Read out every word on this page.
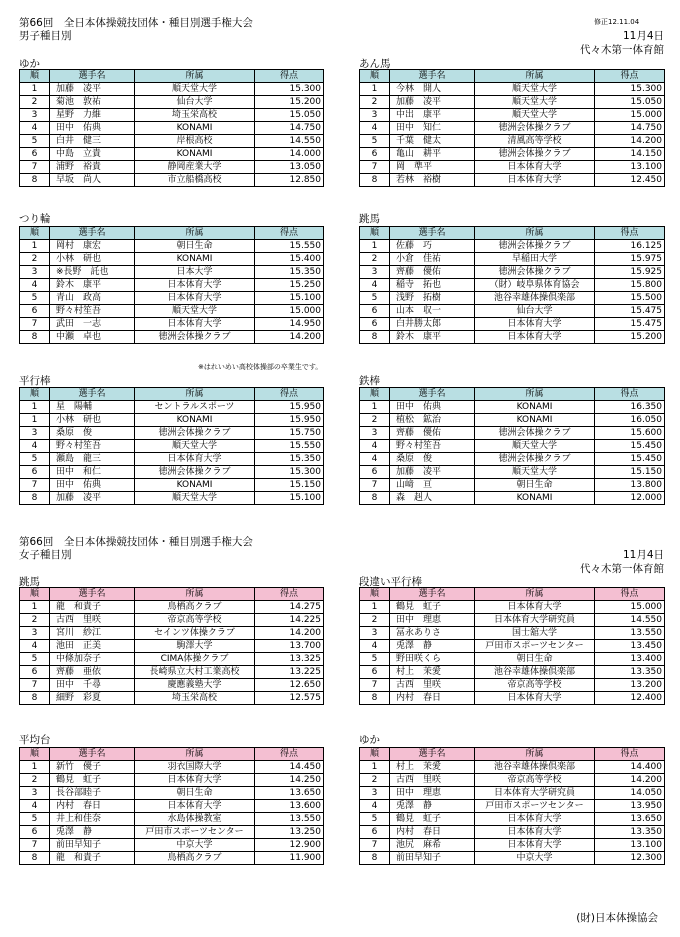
修正12.11.04
第66回　全日本体操競技団体・種目別選手権大会
男子種目別	11月4日
代々木第一体育館
ゆか
順	選手名	所属	得点
1	加藤　凌平	順天堂大学	15.300
2	菊池　敦祐	仙台大学	15.200
3	星野　力維	埼玉栄高校	15.050
4	田中　佑典	KONAMI	14.750
5	白井　健三	岸根高校	14.550
6	中島　立貴	KONAMI	14.000
7	浦野　裕貴	静岡産業大学	13.050
8	早坂　尚人	市立船橋高校	12.850
あん馬
順	選手名	所属	得点
1	今林　開人	順天堂大学	15.300
2	加藤　凌平	順天堂大学	15.050
3	中出　康平	順天堂大学	15.000
4	田中　知仁	徳洲会体操クラブ	14.750
5	千葉　健太	清風高等学校	14.200
6	亀山　耕平	徳洲会体操クラブ	14.150
7	岡　準平	日本体育大学	13.100
8	若林　裕樹	日本体育大学	12.450
つり輪
順	選手名	所属	得点
1	岡村　康宏	朝日生命	15.550
2	小林　研也	KONAMI	15.400
3	※長野　託也	日本大学	15.350
4	鈴木　康平	日本体育大学	15.250
5	青山　政高	日本体育大学	15.100
6	野々村笙吾	順天堂大学	15.000
7	武田　一志	日本体育大学	14.950
8	中瀬　卓也	徳洲会体操クラブ	14.200
跳馬
順	選手名	所属	得点
1	佐藤　巧	徳洲会体操クラブ	16.125
2	小倉　佳祐	早稲田大学	15.975
3	齊藤　優佑	徳洲会体操クラブ	15.925
4	稲寺　拓也	（財）岐阜県体育協会	15.800
5	浅野　拓樹	池谷幸雄体操倶楽部	15.500
6	山本　収一	仙台大学	15.475
6	白井勝太郎	日本体育大学	15.475
8	鈴木　康平	日本体育大学	15.200
※はれいめい高校体操部の卒業生です。
平行棒
順	選手名	所属	得点
1	星　陽輔	セントラルスポーツ	15.950
1	小林　研也	KONAMI	15.950
3	桑原　俊	徳洲会体操クラブ	15.750
4	野々村笙吾	順天堂大学	15.550
5	瀬島　龍三	日本体育大学	15.350
6	田中　和仁	徳洲会体操クラブ	15.300
7	田中　佑典	KONAMI	15.150
8	加藤　凌平	順天堂大学	15.100
鉄棒
順	選手名	所属	得点
1	田中　佑典	KONAMI	16.350
2	植松　鉱治	KONAMI	16.050
3	齊藤　優佑	徳洲会体操クラブ	15.600
4	野々村笙吾	順天堂大学	15.450
4	桑原　俊	徳洲会体操クラブ	15.450
6	加藤　凌平	順天堂大学	15.150
7	山﨑　亘	朝日生命	13.800
8	森　赳人	KONAMI	12.000
第66回　全日本体操競技団体・種目別選手権大会
女子種目別	11月4日
代々木第一体育館
跳馬
順	選手名	所属	得点
1	龍　和貴子	鳥栖高クラブ	14.275
2	古西　里咲	帝京高等学校	14.225
3	宮川　紗江	セインツ体操クラブ	14.200
4	池田　正美	駒澤大学	13.700
5	中條加奈子	CIMA体操クラブ	13.325
6	齊藤　亜依	長崎県立大村工業高校	13.225
7	田中　千尋	慶應義塾大学	12.650
8	細野　彩夏	埼玉栄高校	12.575
段違い平行棒
順	選手名	所属	得点
1	鶴見　虹子	日本体育大学	15.000
2	田中　理恵	日本体育大学研究員	14.550
3	冨永ありさ	国士舘大学	13.550
4	兎澤　静	戸田市スポーツセンター	13.450
5	野田咲くら	朝日生命	13.400
6	村上　茉愛	池谷幸雄体操倶楽部	13.350
7	古西　里咲	帝京高等学校	13.200
8	内村　春日	日本体育大学	12.400
平均台
順	選手名	所属	得点
1	新竹　優子	羽衣国際大学	14.450
2	鶴見　虹子	日本体育大学	14.250
3	長谷部睦子	朝日生命	13.650
4	内村　春日	日本体育大学	13.600
5	井上和佳奈	水島体操教室	13.550
6	兎澤　静	戸田市スポーツセンター	13.250
7	前田早知子	中京大学	12.900
8	龍　和貴子	鳥栖高クラブ	11.900
ゆか
順	選手名	所属	得点
1	村上　茉愛	池谷幸雄体操倶楽部	14.400
2	古西　里咲	帝京高等学校	14.200
3	田中　理恵	日本体育大学研究員	14.050
4	兎澤　静	戸田市スポーツセンター	13.950
5	鶴見　虹子	日本体育大学	13.650
6	内村　春日	日本体育大学	13.350
7	池尻　麻希	日本体育大学	13.100
8	前田早知子	中京大学	12.300
(財)日本体操協会
